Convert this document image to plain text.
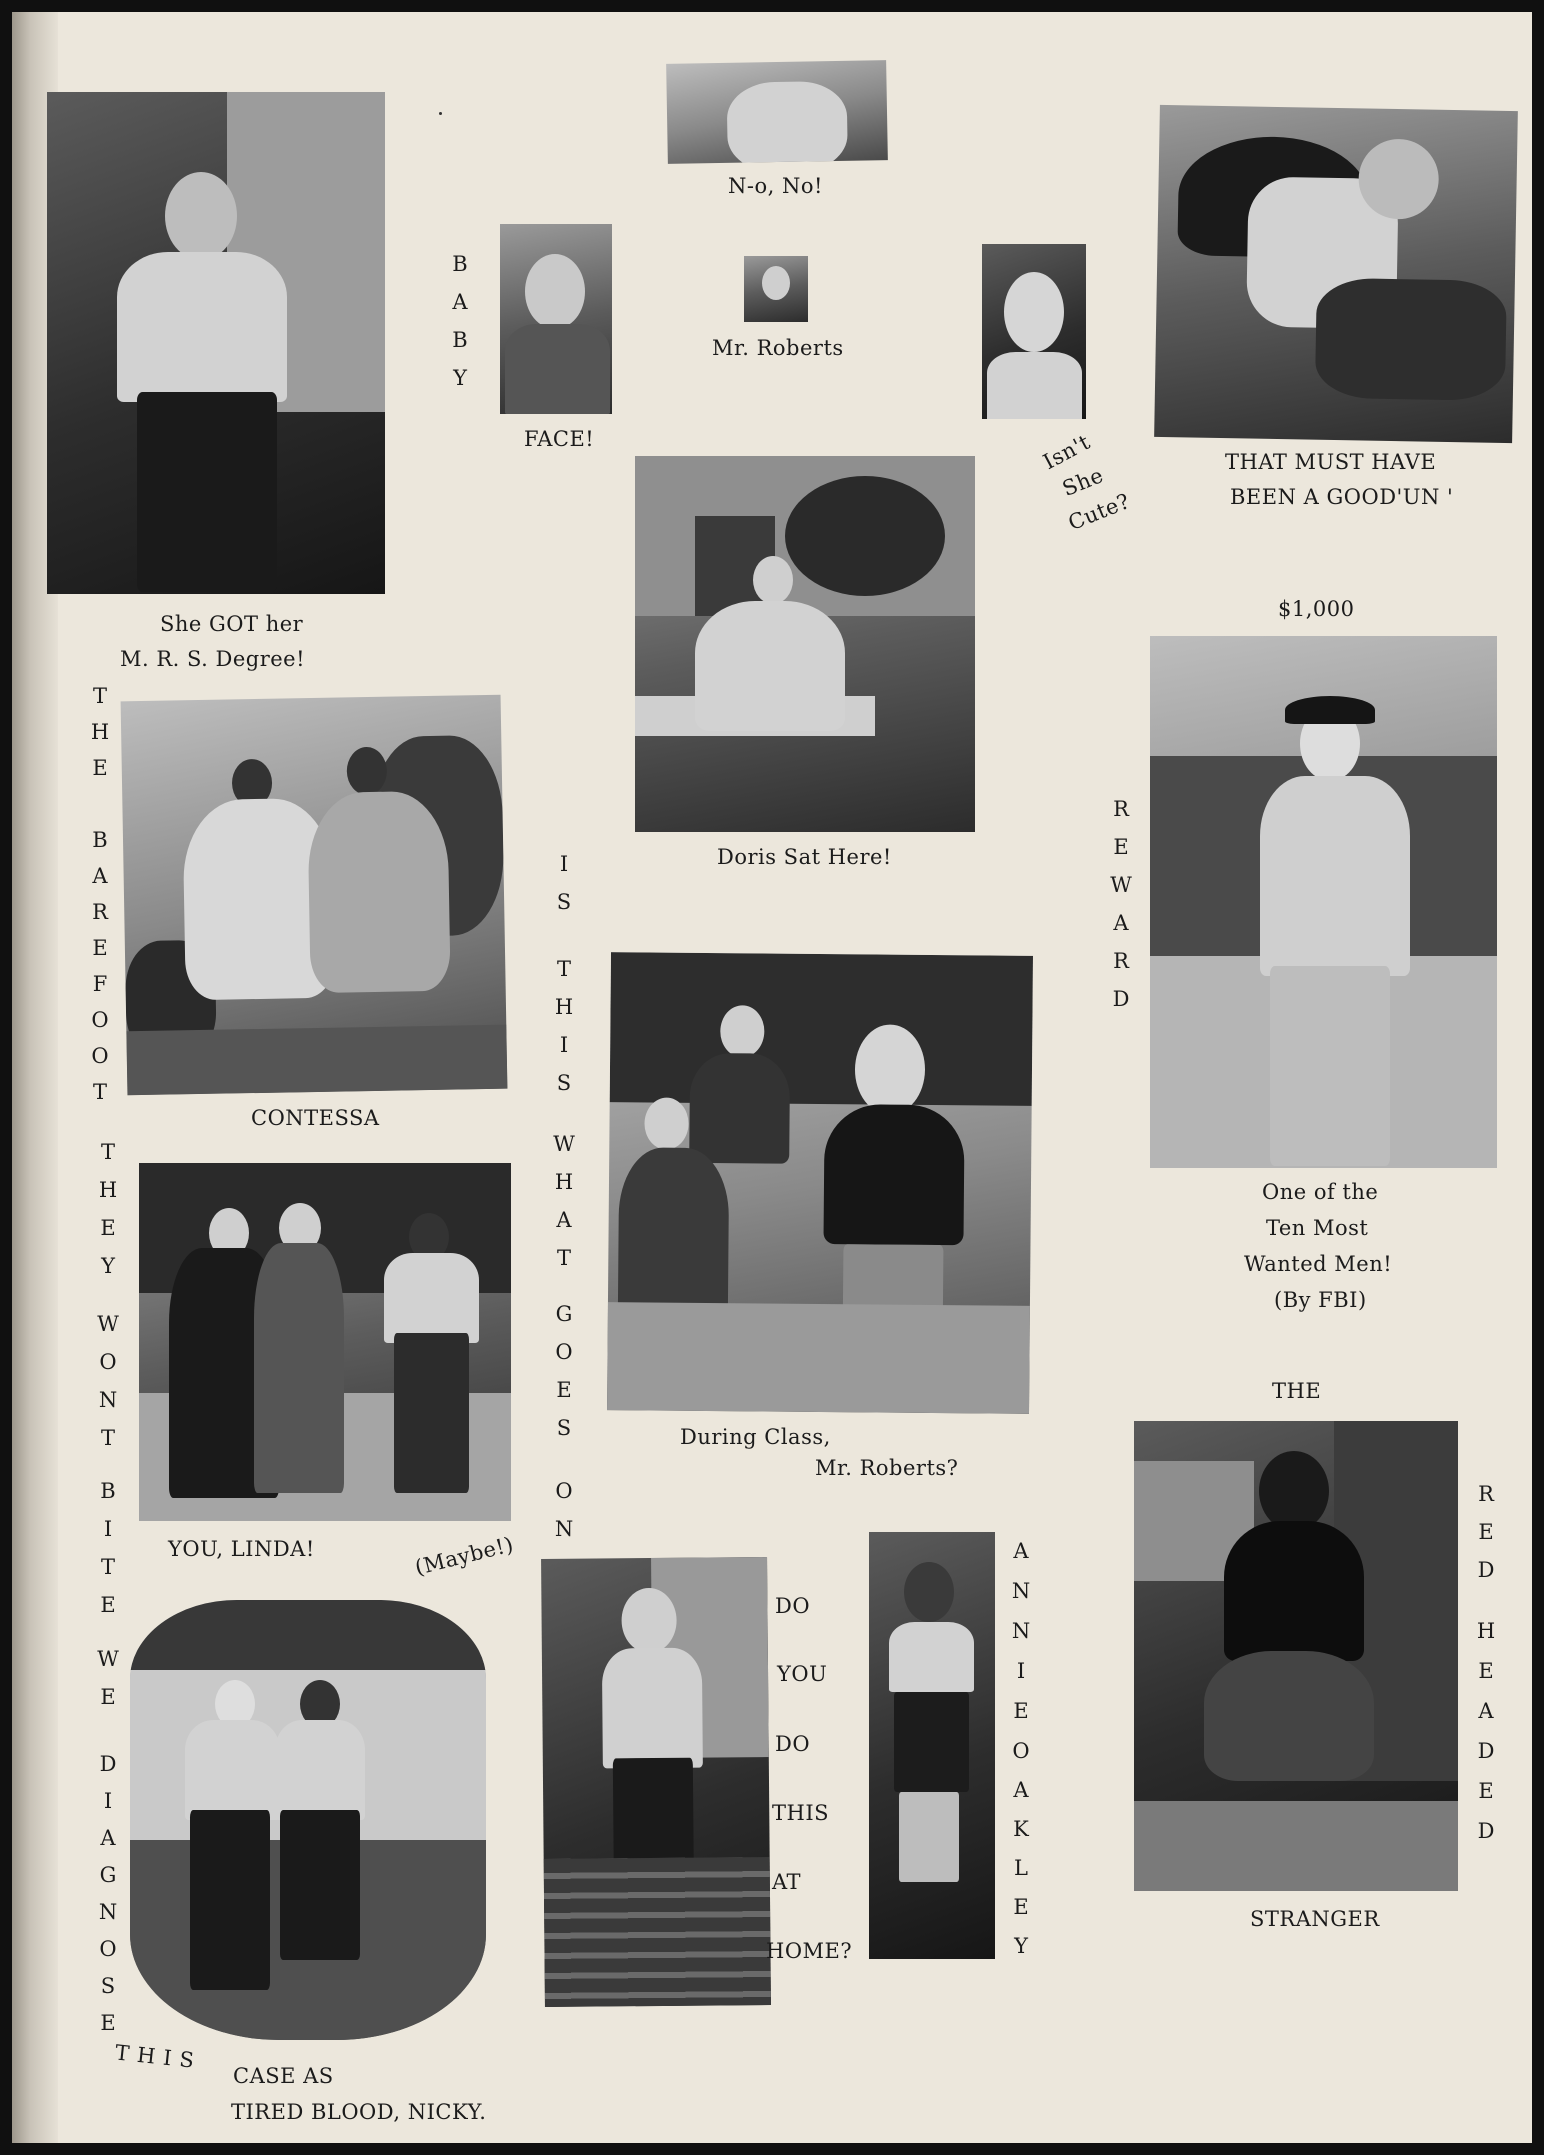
N-o, No!
She GOT her
M. R. S. Degree!
BABY
FACE!
Mr. Roberts
Isn't
She
Cute?
THAT MUST HAVE
BEEN A GOOD'UN '
Doris Sat Here!
$1,000
REWARD
One of the
Ten Most
Wanted Men!
(By FBI)
THE BAREFOOT
CONTESSA
IS
THIS
WHAT
GOES
ON
During Class,
Mr. Roberts?
THEY
WONT
BITE
WE
DIAGNOSE
YOU, LINDA!	(Maybe!)
THE
RED
HEADED
STRANGER
THIS
CASE AS
TIRED BLOOD, NICKY.
DO
YOU
DO
THIS
AT
HOME?
ANNIE
OAKLEY
